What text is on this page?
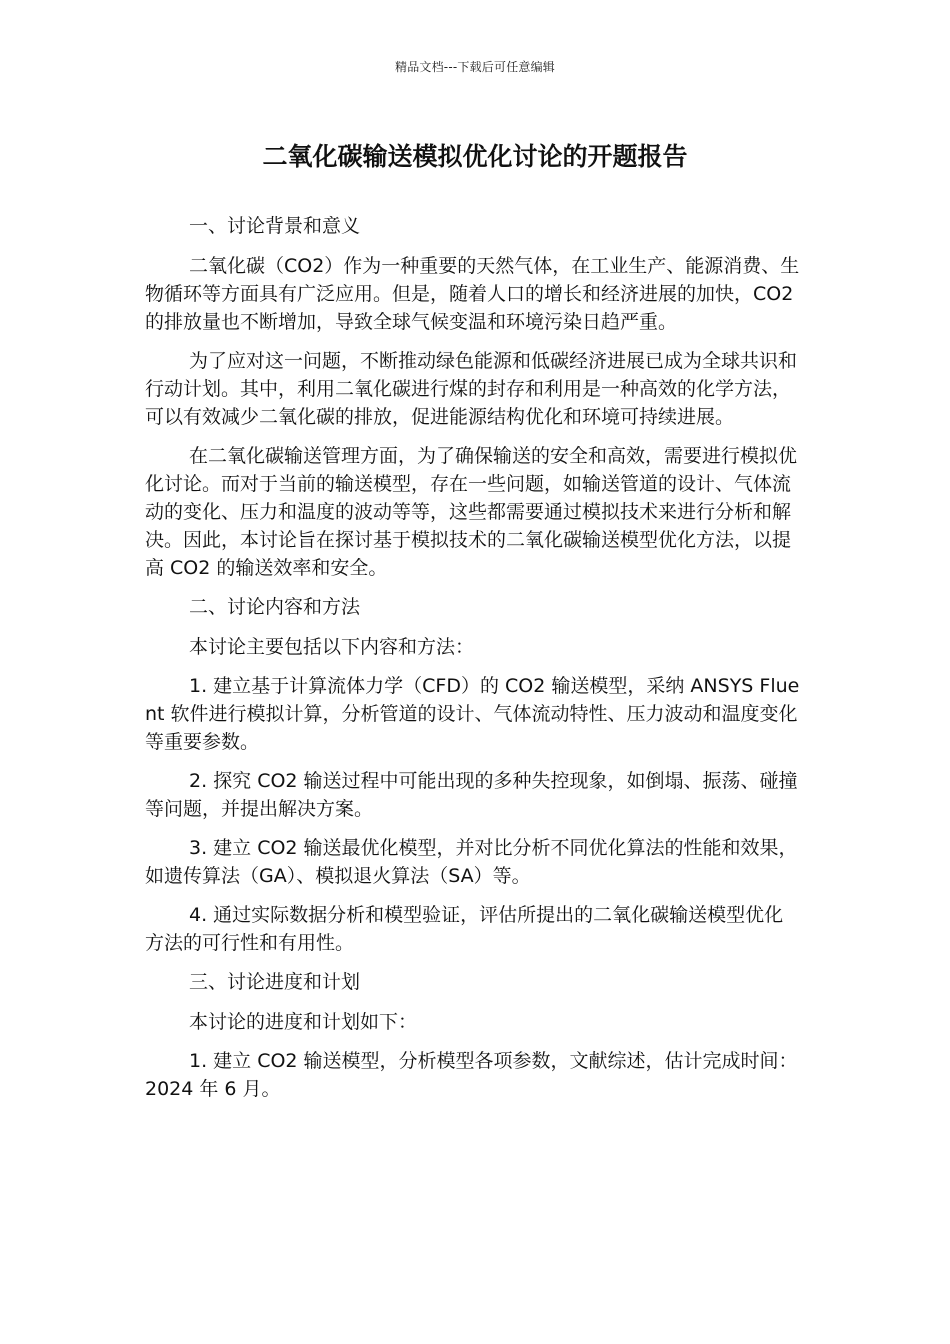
精品文档---下载后可任意编辑
二氧化碳输送模拟优化讨论的开题报告

一、讨论背景和意义

二氧化碳（CO2）作为一种重要的天然气体，在工业生产、能源消费、生物循环等方面具有广泛应用。但是，随着人口的增长和经济进展的加快，CO2 的排放量也不断增加，导致全球气候变温和环境污染日趋严重。

为了应对这一问题，不断推动绿色能源和低碳经济进展已成为全球共识和行动计划。其中，利用二氧化碳进行煤的封存和利用是一种高效的化学方法，可以有效减少二氧化碳的排放，促进能源结构优化和环境可持续进展。

在二氧化碳输送管理方面，为了确保输送的安全和高效，需要进行模拟优化讨论。而对于当前的输送模型，存在一些问题，如输送管道的设计、气体流动的变化、压力和温度的波动等等，这些都需要通过模拟技术来进行分析和解决。因此，本讨论旨在探讨基于模拟技术的二氧化碳输送模型优化方法，以提高 CO2 的输送效率和安全。

二、讨论内容和方法

本讨论主要包括以下内容和方法：

1. 建立基于计算流体力学（CFD）的 CO2 输送模型，采纳 ANSYS Fluent 软件进行模拟计算，分析管道的设计、气体流动特性、压力波动和温度变化等重要参数。

2. 探究 CO2 输送过程中可能出现的多种失控现象，如倒塌、振荡、碰撞等问题，并提出解决方案。

3. 建立 CO2 输送最优化模型，并对比分析不同优化算法的性能和效果，如遗传算法（GA）、模拟退火算法（SA）等。

4. 通过实际数据分析和模型验证，评估所提出的二氧化碳输送模型优化方法的可行性和有用性。

三、讨论进度和计划

本讨论的进度和计划如下：

1. 建立 CO2 输送模型，分析模型各项参数，文献综述，估计完成时间：2024 年 6 月。
